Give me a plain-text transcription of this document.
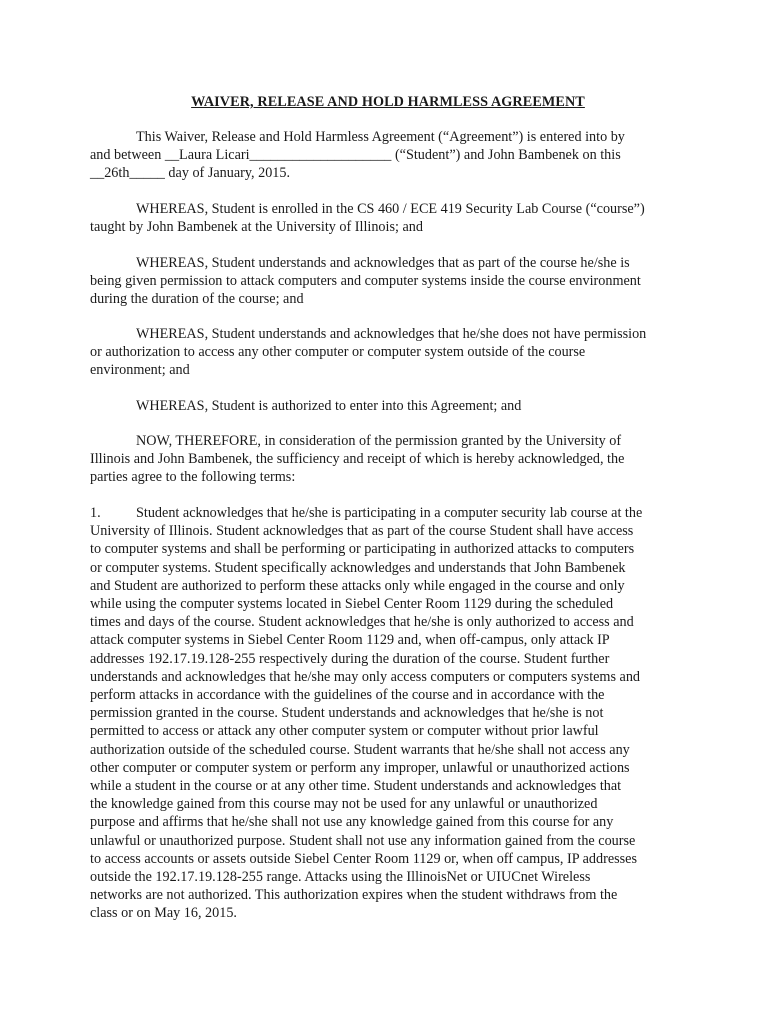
WAIVER, RELEASE AND HOLD HARMLESS AGREEMENT
This Waiver, Release and Hold Harmless Agreement (“Agreement”) is entered into by
and between __Laura Licari____________________ (“Student”) and John Bambenek on this
__26th_____ day of January, 2015.
WHEREAS, Student is enrolled in the CS 460 / ECE 419 Security Lab Course (“course”)
taught by John Bambenek at the University of Illinois; and
WHEREAS, Student understands and acknowledges that as part of the course he/she is
being given permission to attack computers and computer systems inside the course environment
during the duration of the course; and
WHEREAS, Student understands and acknowledges that he/she does not have permission
or authorization to access any other computer or computer system outside of the course
environment; and
WHEREAS, Student is authorized to enter into this Agreement; and
NOW, THEREFORE, in consideration of the permission granted by the University of
Illinois and John Bambenek, the sufficiency and receipt of which is hereby acknowledged, the
parties agree to the following terms:
1. Student acknowledges that he/she is participating in a computer security lab course at the
University of Illinois. Student acknowledges that as part of the course Student shall have access
to computer systems and shall be performing or participating in authorized attacks to computers
or computer systems. Student specifically acknowledges and understands that John Bambenek
and Student are authorized to perform these attacks only while engaged in the course and only
while using the computer systems located in Siebel Center Room 1129 during the scheduled
times and days of the course. Student acknowledges that he/she is only authorized to access and
attack computer systems in Siebel Center Room 1129 and, when off-campus, only attack IP
addresses 192.17.19.128-255 respectively during the duration of the course. Student further
understands and acknowledges that he/she may only access computers or computers systems and
perform attacks in accordance with the guidelines of the course and in accordance with the
permission granted in the course. Student understands and acknowledges that he/she is not
permitted to access or attack any other computer system or computer without prior lawful
authorization outside of the scheduled course. Student warrants that he/she shall not access any
other computer or computer system or perform any improper, unlawful or unauthorized actions
while a student in the course or at any other time. Student understands and acknowledges that
the knowledge gained from this course may not be used for any unlawful or unauthorized
purpose and affirms that he/she shall not use any knowledge gained from this course for any
unlawful or unauthorized purpose. Student shall not use any information gained from the course
to access accounts or assets outside Siebel Center Room 1129 or, when off campus, IP addresses
outside the 192.17.19.128-255 range. Attacks using the IllinoisNet or UIUCnet Wireless
networks are not authorized. This authorization expires when the student withdraws from the
class or on May 16, 2015.
